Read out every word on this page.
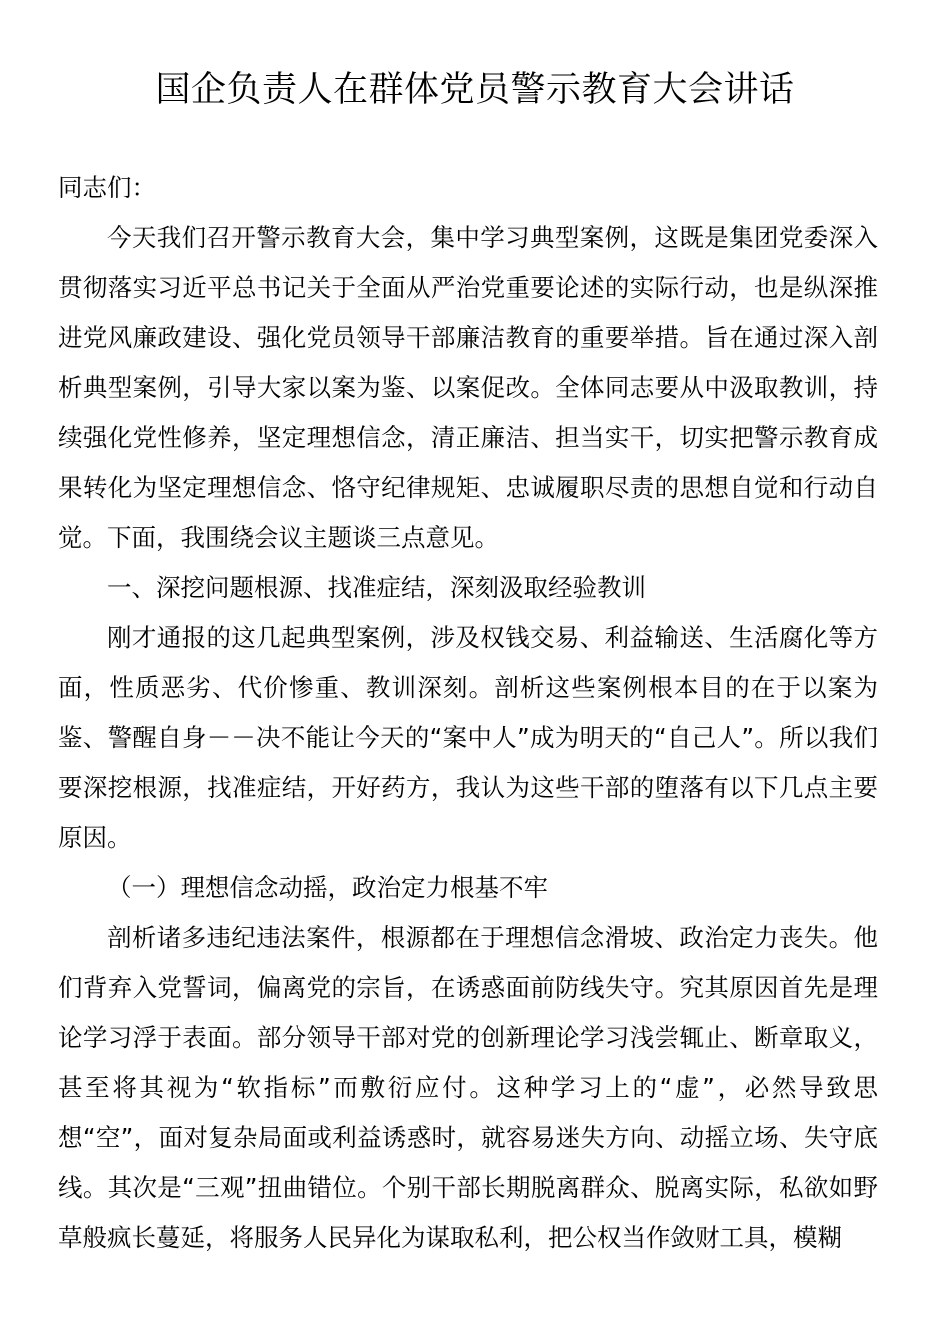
国企负责人在群体党员警示教育大会讲话

同志们：

今天我们召开警示教育大会，集中学习典型案例，这既是集团党委深入贯彻落实习近平总书记关于全面从严治党重要论述的实际行动，也是纵深推进党风廉政建设、强化党员领导干部廉洁教育的重要举措。旨在通过深入剖析典型案例，引导大家以案为鉴、以案促改。全体同志要从中汲取教训，持续强化党性修养，坚定理想信念，清正廉洁、担当实干，切实把警示教育成果转化为坚定理想信念、恪守纪律规矩、忠诚履职尽责的思想自觉和行动自觉。下面，我围绕会议主题谈三点意见。

一、深挖问题根源、找准症结，深刻汲取经验教训

刚才通报的这几起典型案例，涉及权钱交易、利益输送、生活腐化等方面，性质恶劣、代价惨重、教训深刻。剖析这些案例根本目的在于以案为鉴、警醒自身－－决不能让今天的“案中人”成为明天的“自己人”。所以我们要深挖根源，找准症结，开好药方，我认为这些干部的堕落有以下几点主要原因。

（一）理想信念动摇，政治定力根基不牢

剖析诸多违纪违法案件，根源都在于理想信念滑坡、政治定力丧失。他们背弃入党誓词，偏离党的宗旨，在诱惑面前防线失守。究其原因首先是理论学习浮于表面。部分领导干部对党的创新理论学习浅尝辄止、断章取义，甚至将其视为“软指标”而敷衍应付。这种学习上的“虚”，必然导致思想“空”，面对复杂局面或利益诱惑时，就容易迷失方向、动摇立场、失守底线。其次是“三观”扭曲错位。个别干部长期脱离群众、脱离实际，私欲如野草般疯长蔓延，将服务人民异化为谋取私利，把公权当作敛财工具，模糊
